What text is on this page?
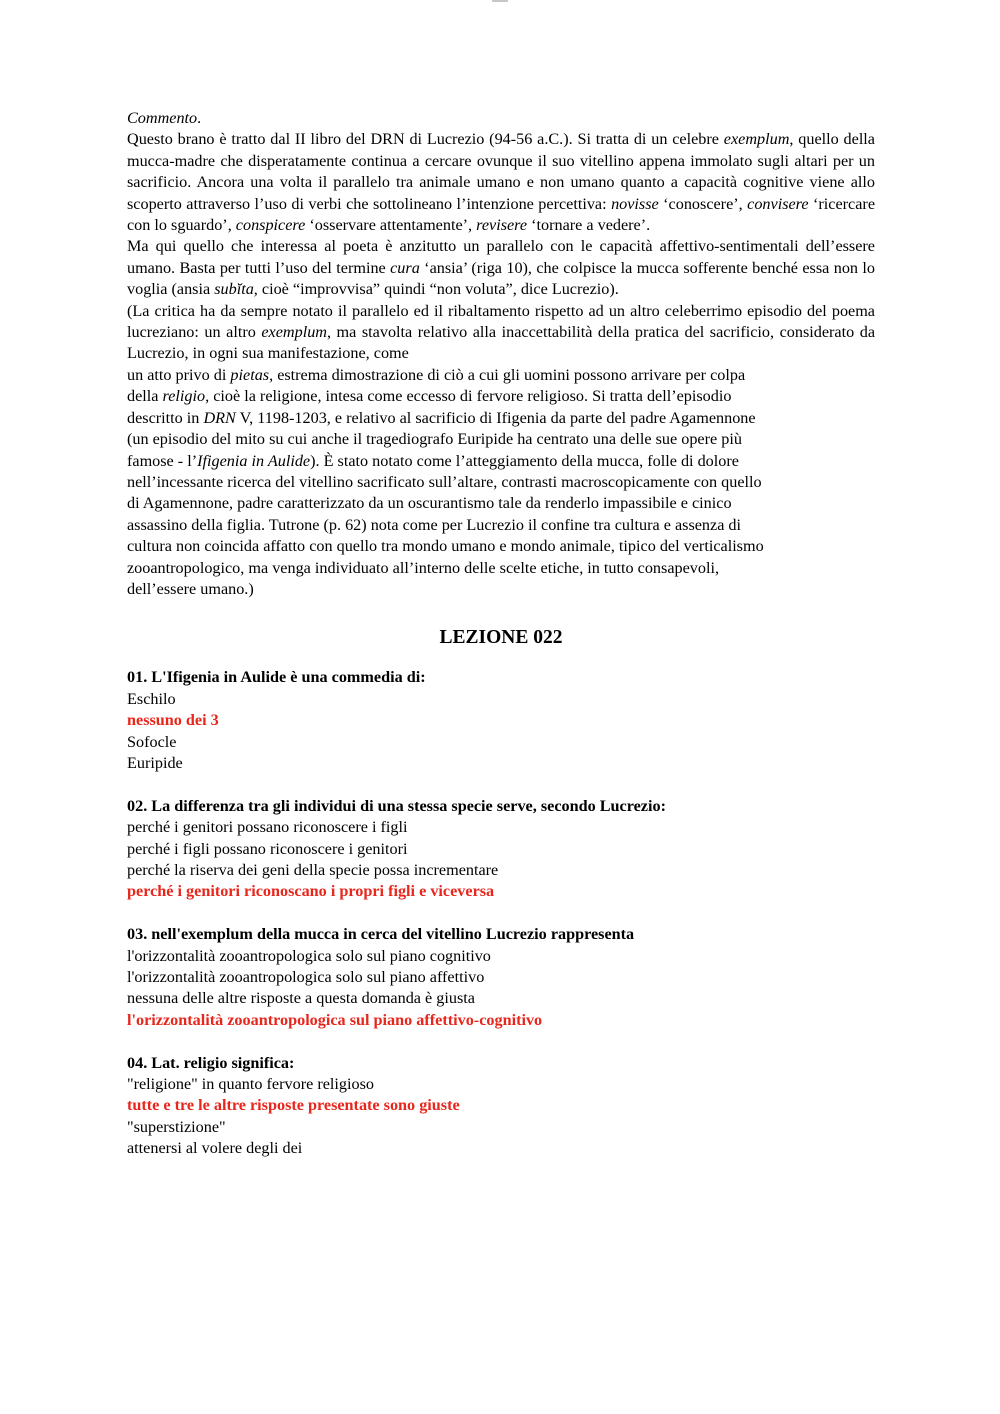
Commento.

Questo brano è tratto dal II libro del DRN di Lucrezio (94-56 a.C.). Si tratta di un celebre exemplum, quello della mucca-madre che disperatamente continua a cercare ovunque il suo vitellino appena immolato sugli altari per un sacrificio. Ancora una volta il parallelo tra animale umano e non umano quanto a capacità cognitive viene allo scoperto attraverso l’uso di verbi che sottolineano l’intenzione percettiva: novisse ‘conoscere’, convisere ‘ricercare con lo sguardo’, conspicere ‘osservare attentamente’, revisere ‘tornare a vedere’.

Ma qui quello che interessa al poeta è anzitutto un parallelo con le capacità affettivo-sentimentali dell’essere umano. Basta per tutti l’uso del termine cura ‘ansia’ (riga 10), che colpisce la mucca sofferente benché essa non lo voglia (ansia subĭta, cioè “improvvisa” quindi “non voluta”, dice Lucrezio).

(La critica ha da sempre notato il parallelo ed il ribaltamento rispetto ad un altro celeberrimo episodio del poema lucreziano: un altro exemplum, ma stavolta relativo alla inaccettabilità della pratica del sacrificio, considerato da Lucrezio, in ogni sua manifestazione, come

un atto privo di pietas, estrema dimostrazione di ciò a cui gli uomini possono arrivare per colpa
della religio, cioè la religione, intesa come eccesso di fervore religioso. Si tratta dell’episodio
descritto in DRN V, 1198-1203, e relativo al sacrificio di Ifigenia da parte del padre Agamennone
(un episodio del mito su cui anche il tragediografo Euripide ha centrato una delle sue opere più
famose - l’Ifigenia in Aulide). È stato notato come l’atteggiamento della mucca, folle di dolore
nell’incessante ricerca del vitellino sacrificato sull’altare, contrasti macroscopicamente con quello
di Agamennone, padre caratterizzato da un oscurantismo tale da renderlo impassibile e cinico
assassino della figlia. Tutrone (p. 62) nota come per Lucrezio il confine tra cultura e assenza di
cultura non coincida affatto con quello tra mondo umano e mondo animale, tipico del verticalismo
zooantropologico, ma venga individuato all’interno delle scelte etiche, in tutto consapevoli,
dell’essere umano.)
LEZIONE 022
01. L'Ifigenia in Aulide è una commedia di:
Eschilo
nessuno dei 3
Sofocle
Euripide
02. La differenza tra gli individui di una stessa specie serve, secondo Lucrezio:
perché i genitori possano riconoscere i figli
perché i figli possano riconoscere i genitori
perché la riserva dei geni della specie possa incrementare
perché i genitori riconoscano i propri figli e viceversa
03. nell'exemplum della mucca in cerca del vitellino Lucrezio rappresenta
l'orizzontalità zooantropologica solo sul piano cognitivo
l'orizzontalità zooantropologica solo sul piano affettivo
nessuna delle altre risposte a questa domanda è giusta
l'orizzontalità zooantropologica sul piano affettivo-cognitivo
04. Lat. religio significa:
"religione" in quanto fervore religioso
tutte e tre le altre risposte presentate sono giuste
"superstizione"
attenersi al volere degli dei
